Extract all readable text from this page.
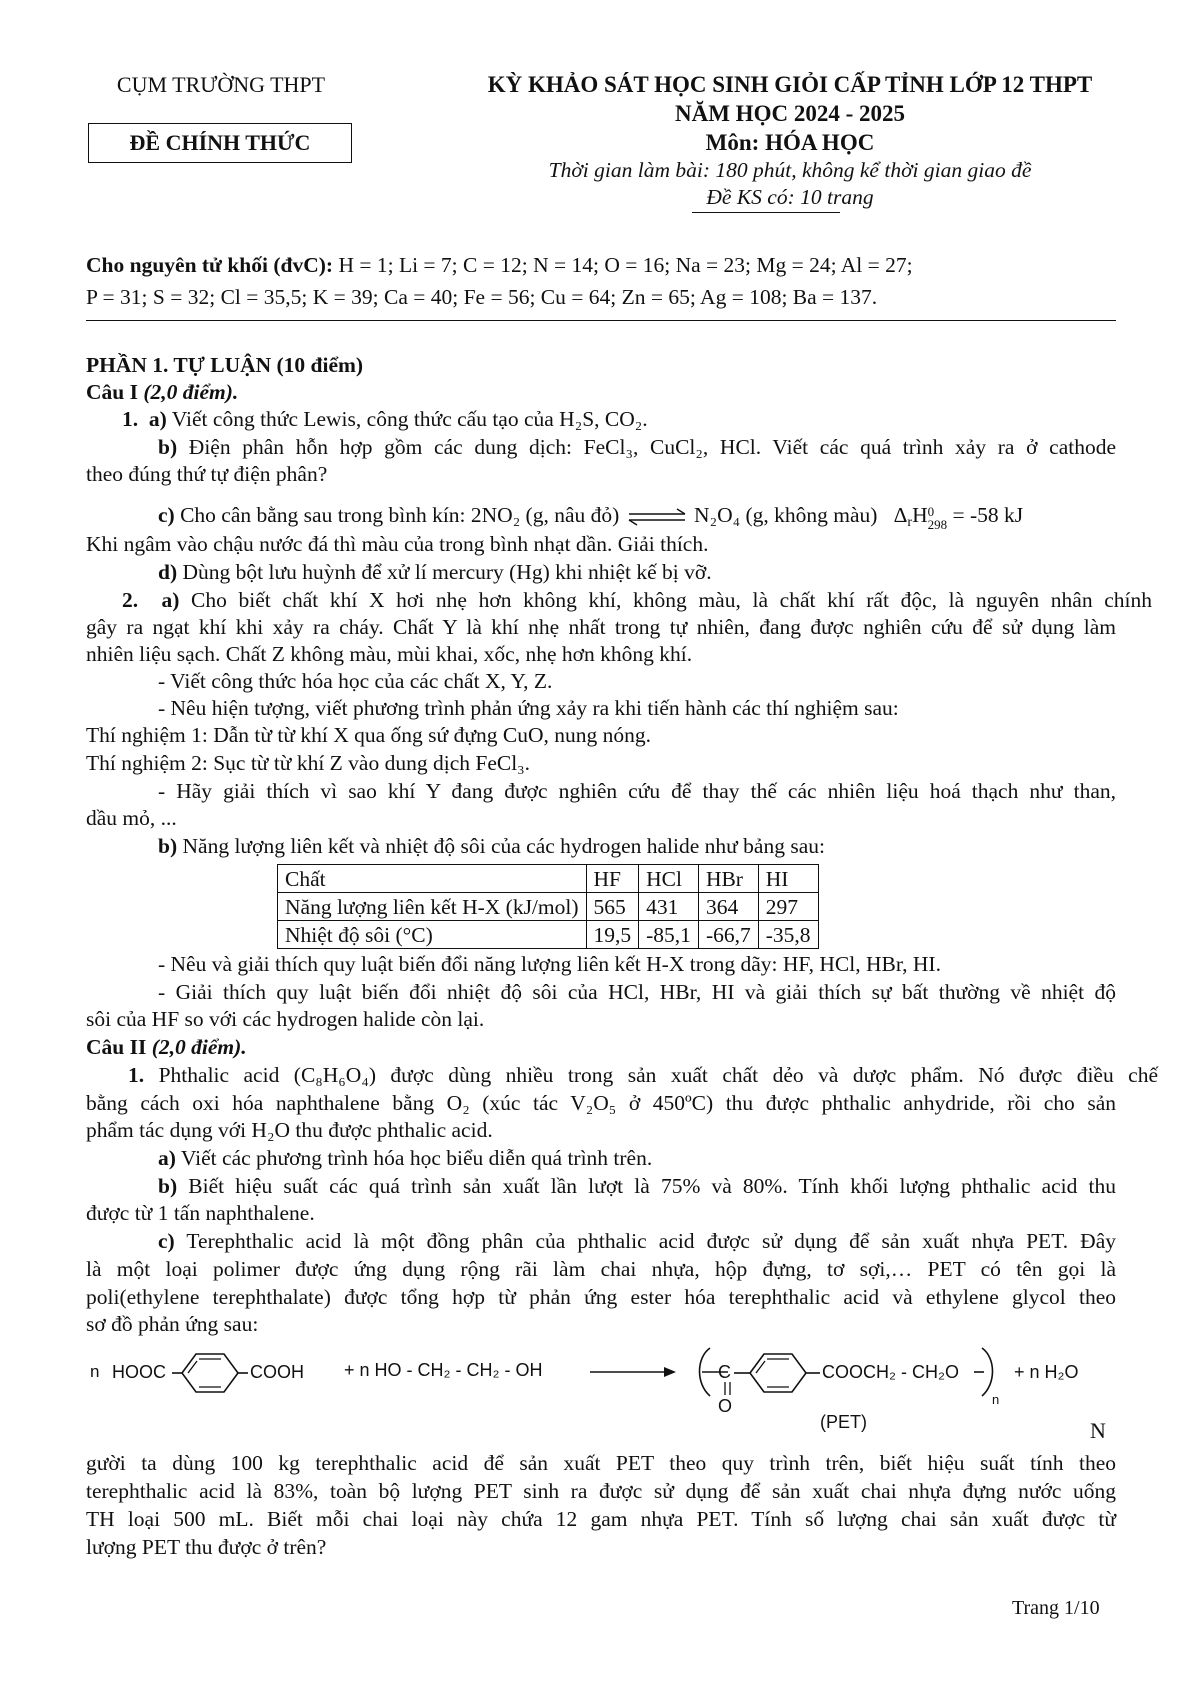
CỤM TRƯỜNG THPT
ĐỀ CHÍNH THỨC
KỲ KHẢO SÁT HỌC SINH GIỎI CẤP TỈNH LỚP 12 THPT
NĂM HỌC 2024 - 2025
Môn: HÓA HỌC
Thời gian làm bài: 180 phút, không kể thời gian giao đề
Đề KS có: 10 trang
Cho nguyên tử khối (đvC): H = 1; Li = 7; C = 12; N = 14; O = 16; Na = 23; Mg = 24; Al = 27;
P = 31; S = 32; Cl = 35,5; K = 39; Ca = 40; Fe = 56; Cu = 64; Zn = 65; Ag = 108; Ba = 137.
PHẦN 1. TỰ LUẬN (10 điểm)
Câu I (2,0 điểm).
1. a) Viết công thức Lewis, công thức cấu tạo của H₂S, CO₂.
b) Điện phân hỗn hợp gồm các dung dịch: FeCl₃, CuCl₂, HCl. Viết các quá trình xảy ra ở cathode
theo đúng thứ tự điện phân?
c) Cho cân bằng sau trong bình kín: 2NO₂ (g, nâu đỏ) ⇌ N₂O₄ (g, không màu) $\Delta_rH$ 0
298 = -58 kJ
Khi ngâm vào chậu nước đá thì màu của trong bình nhạt dần. Giải thích.
d) Dùng bột lưu huỳnh để xử lí mercury (Hg) khi nhiệt kế bị vỡ.
2. a) Cho biết chất khí X hơi nhẹ hơn không khí, không màu, là chất khí rất độc, là nguyên nhân chính
gây ra ngạt khí khi xảy ra cháy. Chất Y là khí nhẹ nhất trong tự nhiên, đang được nghiên cứu để sử dụng làm
nhiên liệu sạch. Chất Z không màu, mùi khai, xốc, nhẹ hơn không khí.
- Viết công thức hóa học của các chất X, Y, Z.
- Nêu hiện tượng, viết phương trình phản ứng xảy ra khi tiến hành các thí nghiệm sau:
Thí nghiệm 1: Dẫn từ từ khí X qua ống sứ đựng CuO, nung nóng.
Thí nghiệm 2: Sục từ từ khí Z vào dung dịch FeCl₃.
- Hãy giải thích vì sao khí Y đang được nghiên cứu để thay thế các nhiên liệu hoá thạch như than,
dầu mỏ, ...
b) Năng lượng liên kết và nhiệt độ sôi của các hydrogen halide như bảng sau:
Chất	HF	HCl	HBr	HI
Năng lượng liên kết H-X (kJ/mol)	565	431	364	297
Nhiệt độ sôi (°C)	19,5	-85,1	-66,7	-35,8
- Nêu và giải thích quy luật biến đổi năng lượng liên kết H-X trong dãy: HF, HCl, HBr, HI.
- Giải thích quy luật biến đổi nhiệt độ sôi của HCl, HBr, HI và giải thích sự bất thường về nhiệt độ
sôi của HF so với các hydrogen halide còn lại.
Câu II (2,0 điểm).
1. Phthalic acid (C₈H₆O₄) được dùng nhiều trong sản xuất chất dẻo và dược phẩm. Nó được điều chế
bằng cách oxi hóa naphthalene bằng O₂ (xúc tác V₂O₅ ở 450ºC) thu được phthalic anhydride, rồi cho sản
phẩm tác dụng với H₂O thu được phthalic acid.
a) Viết các phương trình hóa học biểu diễn quá trình trên.
b) Biết hiệu suất các quá trình sản xuất lần lượt là 75% và 80%. Tính khối lượng phthalic acid thu
được từ 1 tấn naphthalene.
c) Terephthalic acid là một đồng phân của phthalic acid được sử dụng để sản xuất nhựa PET. Đây
là một loại polimer được ứng dụng rộng rãi làm chai nhựa, hộp đựng, tơ sợi,… PET có tên gọi là
poli(ethylene terephthalate) được tổng hợp từ phản ứng ester hóa terephthalic acid và ethylene glycol theo
sơ đồ phản ứng sau:
n HOOC	COOH + n HO - CH₂ - CH₂ - OH	C
O
COOCH₂ - CH₂O
n
+ n H₂O
(PET)	N
gười ta dùng 100 kg terephthalic acid để sản xuất PET theo quy trình trên, biết hiệu suất tính theo
terephthalic acid là 83%, toàn bộ lượng PET sinh ra được sử dụng để sản xuất chai nhựa đựng nước uống
TH loại 500 mL. Biết mỗi chai loại này chứa 12 gam nhựa PET. Tính số lượng chai sản xuất được từ
lượng PET thu được ở trên?
Trang 1/10
